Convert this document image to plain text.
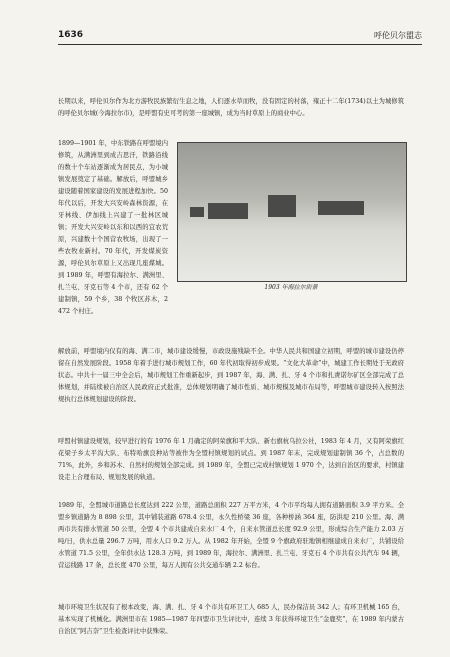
1636	呼伦贝尔盟志
长期以来，呼伦贝尔作为北方游牧民族繁衍生息之地，人们逐水草而牧，没有固定的村落，雍正十二年(1734)以土为城修筑的呼伦贝尔城(今海拉尔市)，是呼盟有史可考的第一座城镇，成为当时草原上的商业中心。
1899—1901 年，中东铁路在呼盟境内修筑，从满洲里到成吉思汗，铁路沿线的数十个车站逐渐成为居民点，为小城镇发展奠定了基础。解放后，呼盟城乡建设随着国家建设的发展进程加快。50 年代以后，开发大兴安岭森林资源，在牙林线、伊加线上兴建了一批林区城镇；开发大兴安岭以东和以西的宜农荒原，兴建数十个国营农牧场，出现了一些农牧业新村。70 年代，开发煤炭资源，呼伦贝尔草原上又出现几座煤城。到 1989 年，呼盟有海拉尔、满洲里、扎兰屯、牙克石等 4 个市，还有 62 个建制镇，59 个乡，38 个牧区苏木，2 472 个村庄。
1903 年海拉尔街景
解放前，呼盟境内仅有的海、满二市，城市建设缓慢，市政设施残缺不全。中华人民共和国建立初期，呼盟的城市建设仍停留在自然发展阶段。1958 年着手进行城市规划工作，60 年代初取得初步成果。“文化大革命”中，城建工作长期处于无政府状态。中共十一届三中全会后，城市规划工作重新起步，到 1987 年，海、满、扎、牙 4 个市和扎赉诺尔矿区全部完成了总体规划，并陆续被自治区人民政府正式批准，总体规划明确了城市性质、城市规模及城市布局等，呼盟城市建设转入按照法规执行总体规划建设的阶段。
呼盟村镇建设规划，较早进行的有 1976 年 1 月确定的阿荣旗和平大队、新右旗杭乌拉公社，1983 年 4 月，又有阿荣旗红花梁子乡太平沟大队、布特哈旗良种站等被作为全盟村镇规划的试点。到 1987 年末，完成规划建制镇 36 个，占总数的 71%，此外，乡和苏木、自然村的规划全部完成。到 1989 年，全盟已完成村镇规划 1 970 个，达到自治区的要求，村镇建设走上合理布局、规划发展的轨道。
1989 年，全盟城市道路总长度达到 222 公里，道路总面积 227 万平方米，4 个市平均每人拥有道路面积 3.9 平方米。全盟乡镇道路为 8 898 公里，其中铺装道路 678.4 公里，永久性桥梁 36 座，各种桥涵 364 座，防洪堤 210 公里。海、满两市共有排水管道 50 公里，全盟 4 个市共建成自来水厂 4 个，自来水管道总长度 92.9 公里，形成综合生产能力 2.03 万吨/日，供水总量 296.7 万吨，用水人口 9.2 万人。从 1982 年开始，全盟 9 个旗政府驻地镇相继建成自来水厂，共铺设给水管道 71.5 公里，全年供水达 128.3 万吨，到 1989 年，海拉尔、满洲里、扎兰屯、牙克石 4 个市共有公共汽车 94 辆，营运线路 17 条，总长度 470 公里，每万人拥有公共交通车辆 2.2 标台。
城市环境卫生状况有了根本改变，海、满、扎、牙 4 个市共有环卫工人 685 人，民办保洁员 342 人；有环卫机械 165 台，基本实现了机械化。满洲里市在 1985—1987 年四盟市卫生评比中，连续 3 年获得环境卫生“金鹿奖”，在 1989 年内蒙古自治区“阿吉奈”卫生检查评比中获殊荣。
